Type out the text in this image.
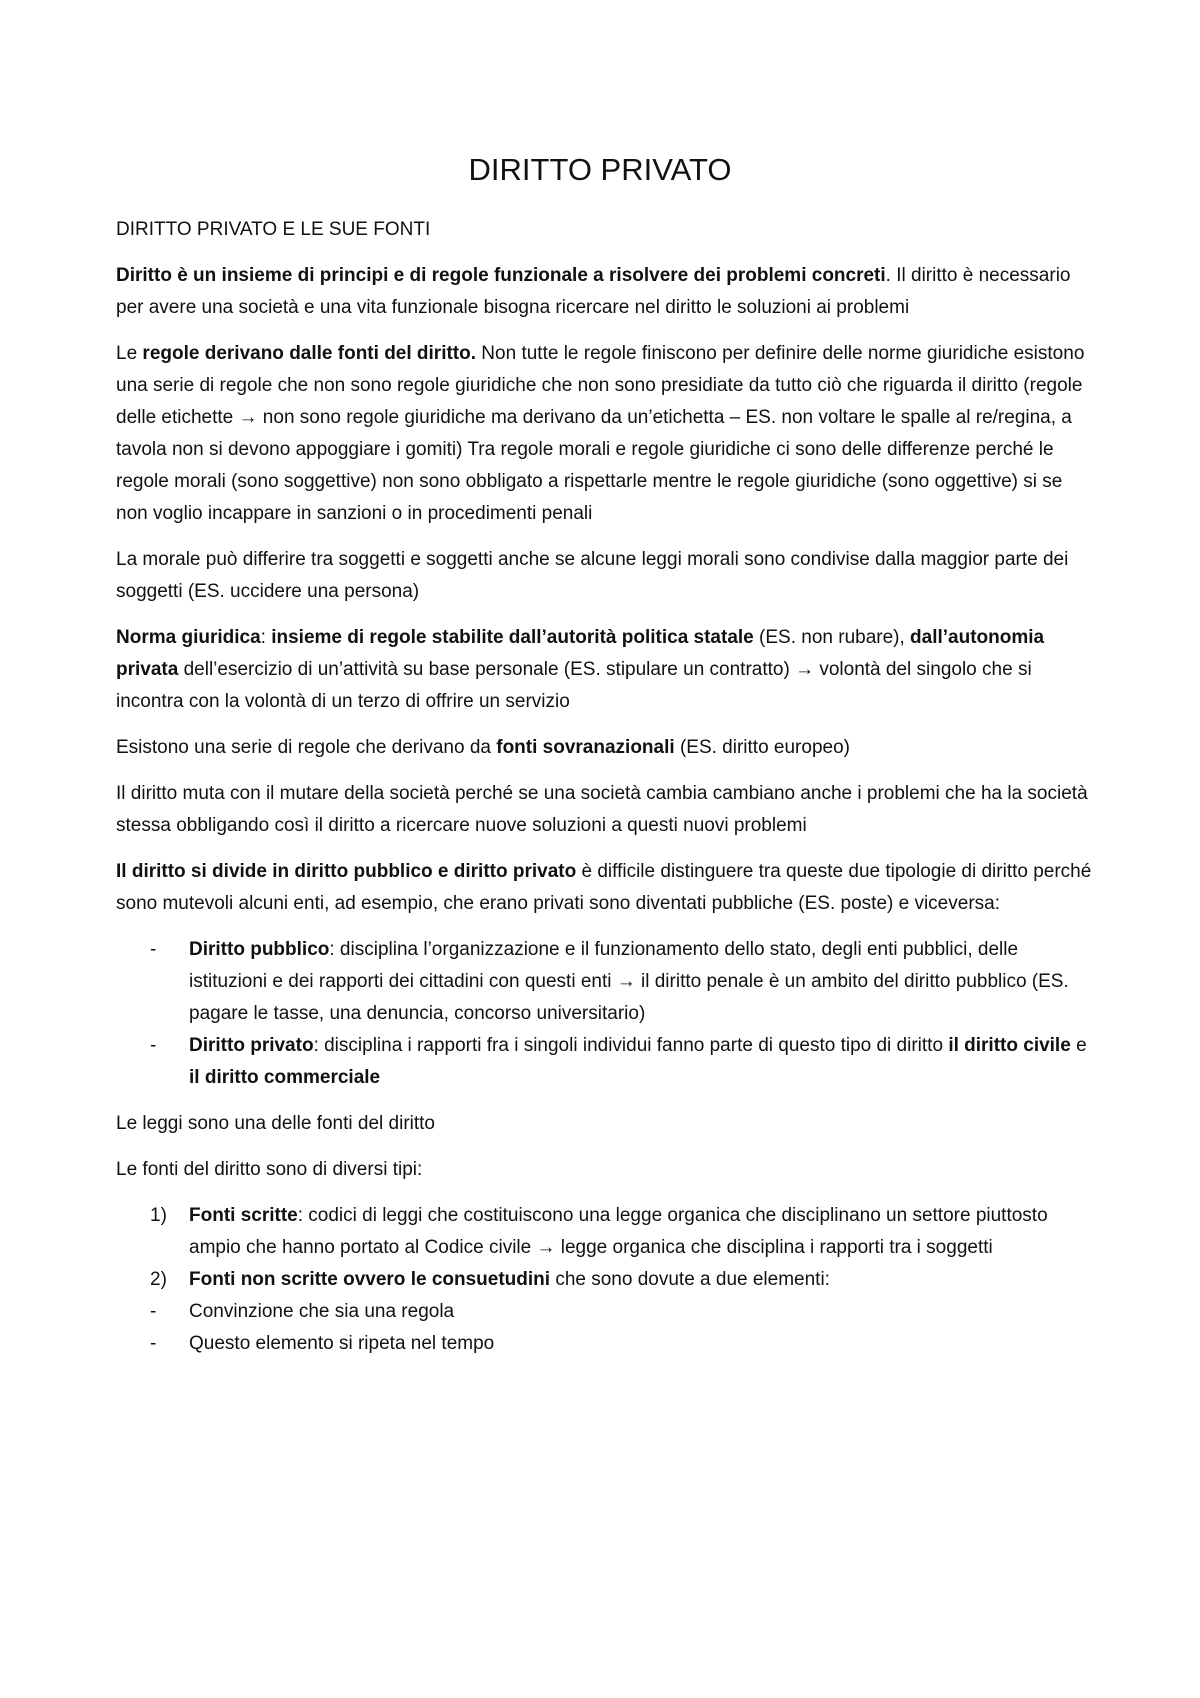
DIRITTO PRIVATO
DIRITTO PRIVATO E LE SUE FONTI

Diritto è un insieme di principi e di regole funzionale a risolvere dei problemi concreti. Il diritto è necessario per avere una società e una vita funzionale bisogna ricercare nel diritto le soluzioni ai problemi

Le regole derivano dalle fonti del diritto. Non tutte le regole finiscono per definire delle norme giuridiche esistono una serie di regole che non sono regole giuridiche che non sono presidiate da tutto ciò che riguarda il diritto (regole delle etichette → non sono regole giuridiche ma derivano da un’etichetta – ES. non voltare le spalle al re/regina, a tavola non si devono appoggiare i gomiti) Tra regole morali e regole giuridiche ci sono delle differenze perché le regole morali (sono soggettive) non sono obbligato a rispettarle mentre le regole giuridiche (sono oggettive) si se non voglio incappare in sanzioni o in procedimenti penali

La morale può differire tra soggetti e soggetti anche se alcune leggi morali sono condivise dalla maggior parte dei soggetti (ES. uccidere una persona)

Norma giuridica: insieme di regole stabilite dall’autorità politica statale (ES. non rubare), dall’autonomia privata dell’esercizio di un’attività su base personale (ES. stipulare un contratto) → volontà del singolo che si incontra con la volontà di un terzo di offrire un servizio

Esistono una serie di regole che derivano da fonti sovranazionali (ES. diritto europeo)

Il diritto muta con il mutare della società perché se una società cambia cambiano anche i problemi che ha la società stessa obbligando così il diritto a ricercare nuove soluzioni a questi nuovi problemi

Il diritto si divide in diritto pubblico e diritto privato è difficile distinguere tra queste due tipologie di diritto perché sono mutevoli alcuni enti, ad esempio, che erano privati sono diventati pubbliche (ES. poste) e viceversa:

- Diritto pubblico: disciplina l’organizzazione e il funzionamento dello stato, degli enti pubblici, delle istituzioni e dei rapporti dei cittadini con questi enti → il diritto penale è un ambito del diritto pubblico (ES. pagare le tasse, una denuncia, concorso universitario)
- Diritto privato: disciplina i rapporti fra i singoli individui fanno parte di questo tipo di diritto il diritto civile e il diritto commerciale

Le leggi sono una delle fonti del diritto

Le fonti del diritto sono di diversi tipi:

1) Fonti scritte: codici di leggi che costituiscono una legge organica che disciplinano un settore piuttosto ampio che hanno portato al Codice civile → legge organica che disciplina i rapporti tra i soggetti
2) Fonti non scritte ovvero le consuetudini che sono dovute a due elementi:
- Convinzione che sia una regola
- Questo elemento si ripeta nel tempo
